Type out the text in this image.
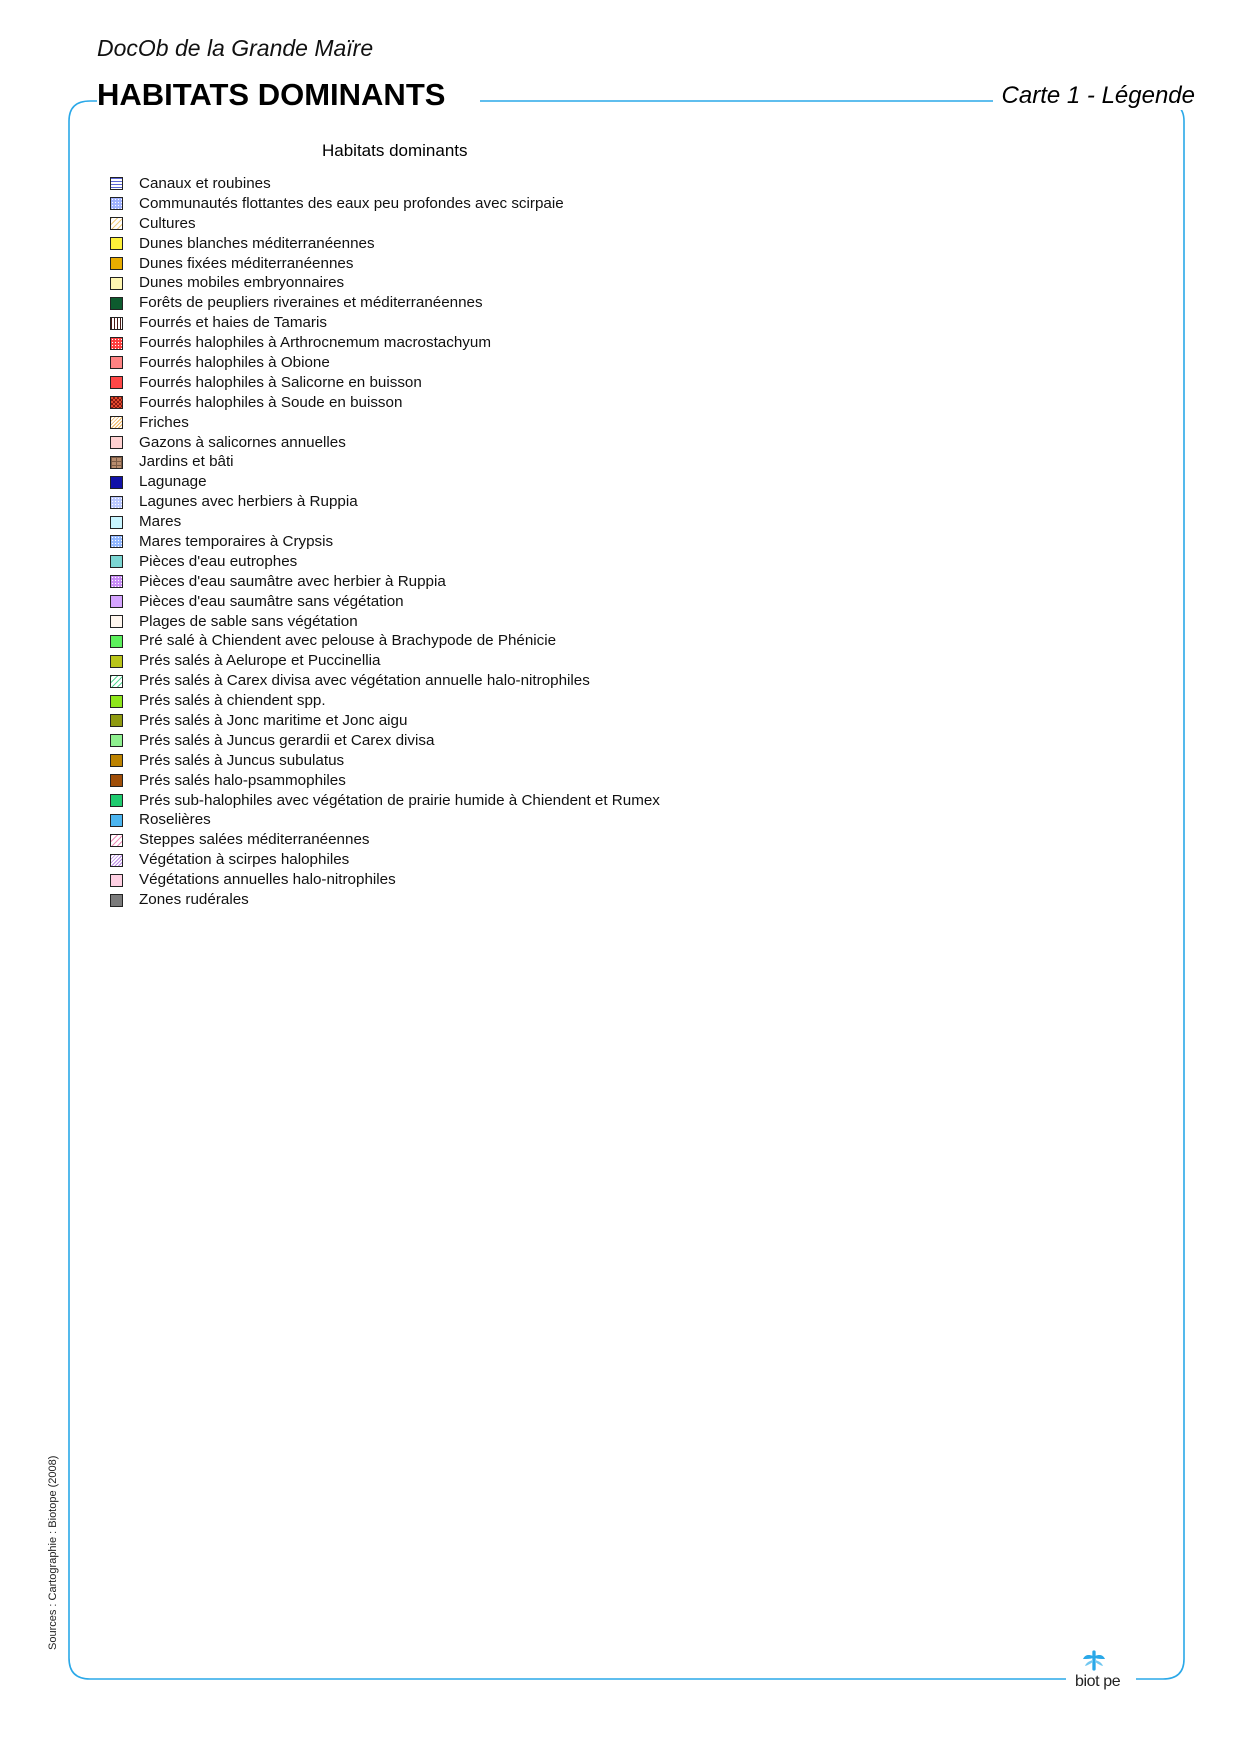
DocOb de la Grande Maïre
HABITATS DOMINANTS	Carte 1 - Légende
Habitats dominants
Canaux et roubines
Communautés flottantes des eaux peu profondes avec scirpaie
Cultures
Dunes blanches méditerranéennes
Dunes fixées méditerranéennes
Dunes mobiles embryonnaires
Forêts de peupliers riveraines et méditerranéennes
Fourrés et haies de Tamaris
Fourrés halophiles à Arthrocnemum macrostachyum
Fourrés halophiles à Obione
Fourrés halophiles à Salicorne en buisson
Fourrés halophiles à Soude en buisson
Friches
Gazons à salicornes annuelles
Jardins et bâti
Lagunage
Lagunes avec herbiers à Ruppia
Mares
Mares temporaires à Crypsis
Pièces d'eau eutrophes
Pièces d'eau saumâtre avec herbier à Ruppia
Pièces d'eau saumâtre sans végétation
Plages de sable sans végétation
Pré salé à Chiendent avec pelouse à Brachypode de Phénicie
Prés salés à Aelurope et Puccinellia
Prés salés à Carex divisa avec végétation annuelle halo-nitrophiles
Prés salés à chiendent spp.
Prés salés à Jonc maritime et Jonc aigu
Prés salés à Juncus gerardii et Carex divisa
Prés salés à Juncus subulatus
Prés salés halo-psammophiles
Prés sub-halophiles avec végétation de prairie humide à Chiendent et Rumex
Roselières
Steppes salées méditerranéennes
Végétation à scirpes halophiles
Végétations annuelles halo-nitrophiles
Zones rudérales
Sources : Cartographie : Biotope (2008)
biot pe
